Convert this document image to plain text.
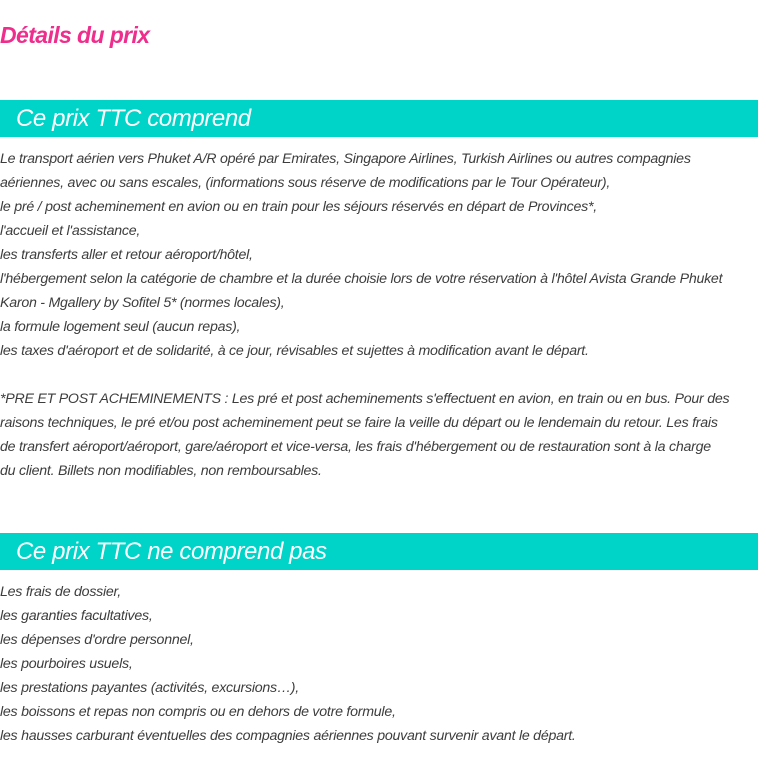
Détails du prix
Ce prix TTC comprend
Le transport aérien vers Phuket A/R opéré par Emirates, Singapore Airlines, Turkish Airlines ou autres compagnies
aériennes, avec ou sans escales, (informations sous réserve de modifications par le Tour Opérateur),
le pré / post acheminement en avion ou en train pour les séjours réservés en départ de Provinces*,
l'accueil et l'assistance,
les transferts aller et retour aéroport/hôtel,
l'hébergement selon la catégorie de chambre et la durée choisie lors de votre réservation à l'hôtel Avista Grande Phuket
Karon - Mgallery by Sofitel 5* (normes locales),
la formule logement seul (aucun repas),
les taxes d'aéroport et de solidarité, à ce jour, révisables et sujettes à modification avant le départ.
*PRE ET POST ACHEMINEMENTS : Les pré et post acheminements s'effectuent en avion, en train ou en bus. Pour des
raisons techniques, le pré et/ou post acheminement peut se faire la veille du départ ou le lendemain du retour. Les frais
de transfert aéroport/aéroport, gare/aéroport et vice-versa, les frais d'hébergement ou de restauration sont à la charge
du client. Billets non modifiables, non remboursables.
Ce prix TTC ne comprend pas
Les frais de dossier,
les garanties facultatives,
les dépenses d'ordre personnel,
les pourboires usuels,
les prestations payantes (activités, excursions…),
les boissons et repas non compris ou en dehors de votre formule,
les hausses carburant éventuelles des compagnies aériennes pouvant survenir avant le départ.
